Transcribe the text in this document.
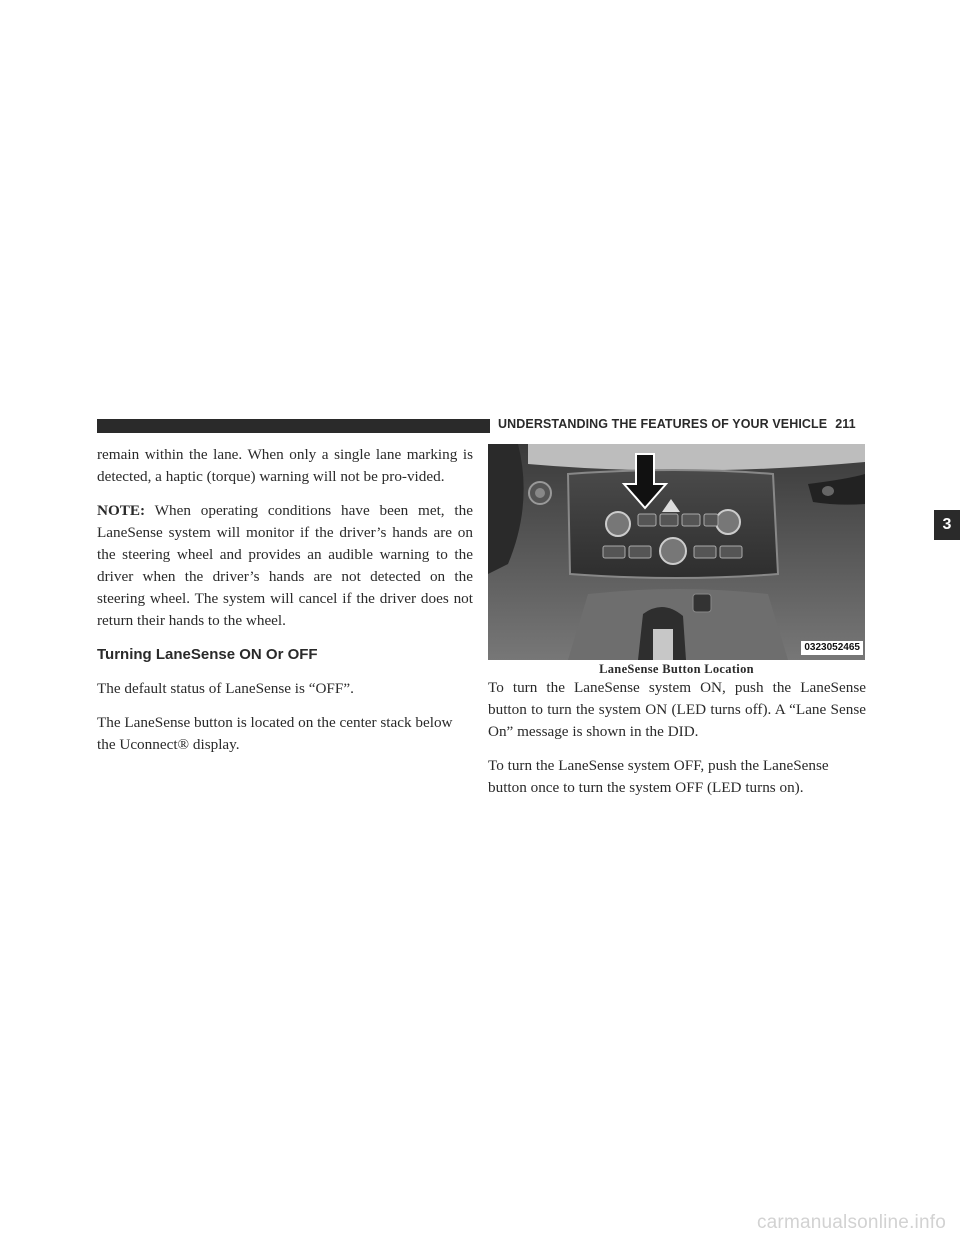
UNDERSTANDING THE FEATURES OF YOUR VEHICLE 211

remain within the lane. When only a single lane marking is detected, a haptic (torque) warning will not be pro-vided.

NOTE: When operating conditions have been met, the LaneSense system will monitor if the driver’s hands are on the steering wheel and provides an audible warning to the driver when the driver’s hands are not detected on the steering wheel. The system will cancel if the driver does not return their hands to the wheel.

Turning LaneSense ON Or OFF

The default status of LaneSense is “OFF”.

The LaneSense button is located on the center stack below the Uconnect® display.

0323052465
LaneSense Button Location

To turn the LaneSense system ON, push the LaneSense button to turn the system ON (LED turns off). A “Lane Sense On” message is shown in the DID.

To turn the LaneSense system OFF, push the LaneSense button once to turn the system OFF (LED turns on).

3
carmanualsonline.info
